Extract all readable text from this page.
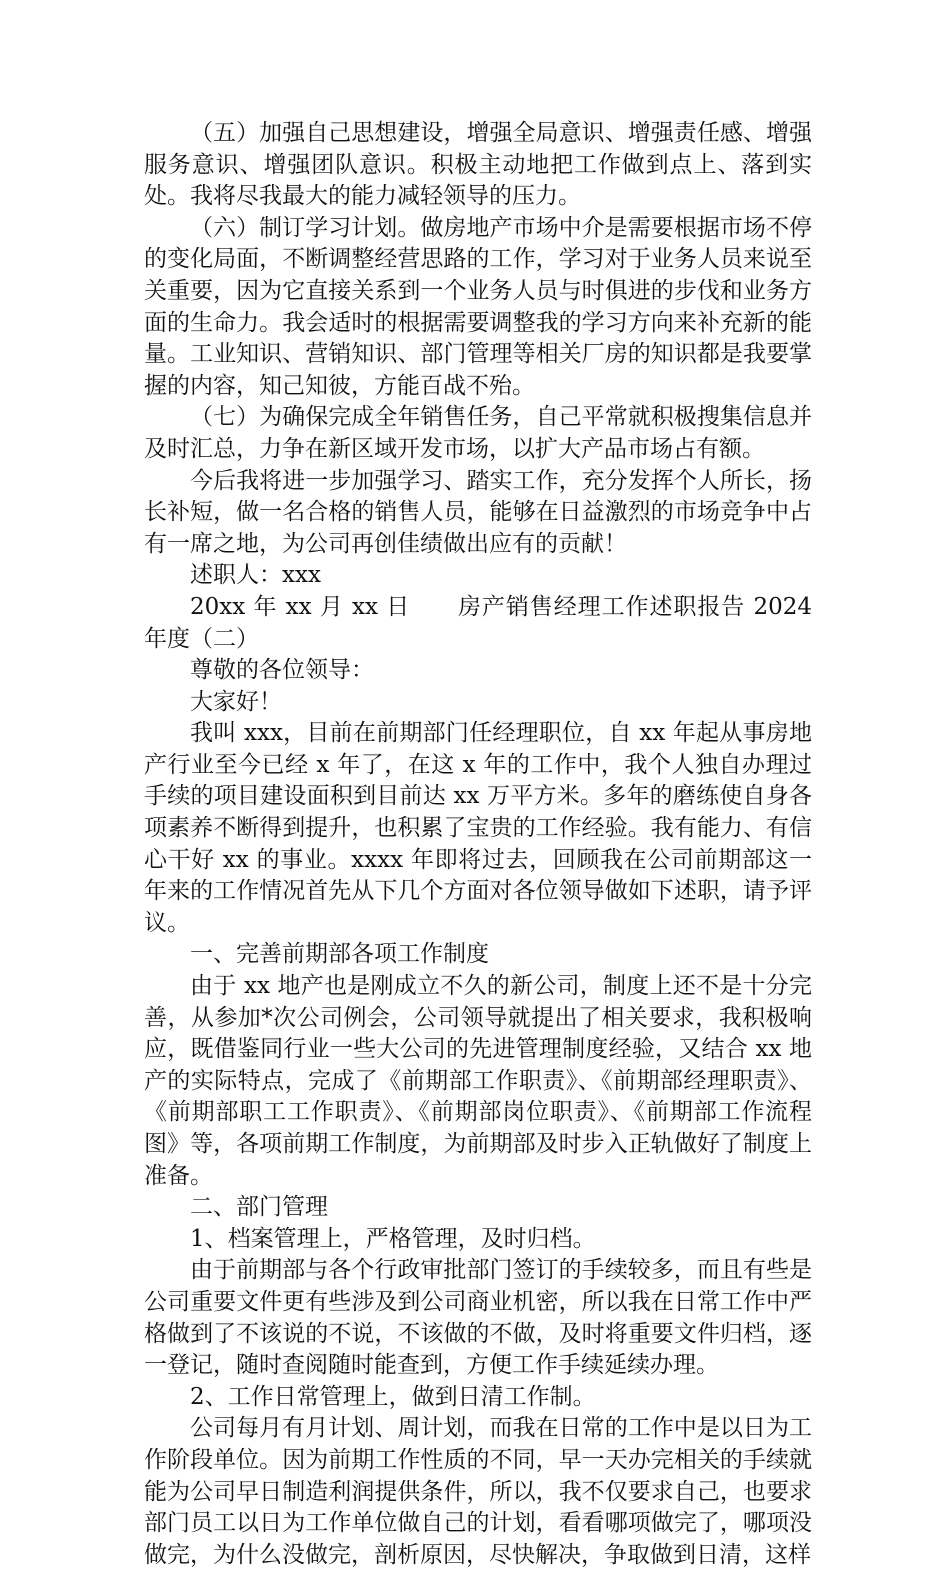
（五）加强自己思想建设，增强全局意识、增强责任感、增强服务意识、增强团队意识。积极主动地把工作做到点上、落到实处。我将尽我最大的能力减轻领导的压力。

（六）制订学习计划。做房地产市场中介是需要根据市场不停的变化局面，不断调整经营思路的工作，学习对于业务人员来说至关重要，因为它直接关系到一个业务人员与时俱进的步伐和业务方面的生命力。我会适时的根据需要调整我的学习方向来补充新的能量。工业知识、营销知识、部门管理等相关厂房的知识都是我要掌握的内容，知己知彼，方能百战不殆。

（七）为确保完成全年销售任务，自己平常就积极搜集信息并及时汇总，力争在新区域开发市场，以扩大产品市场占有额。

今后我将进一步加强学习、踏实工作，充分发挥个人所长，扬长补短，做一名合格的销售人员，能够在日益激烈的市场竞争中占有一席之地，为公司再创佳绩做出应有的贡献！

述职人：xxx

20xx 年 xx 月 xx 日　　房产销售经理工作述职报告 2024 年度（二）

尊敬的各位领导：

大家好！

我叫 xxx，目前在前期部门任经理职位，自 xx 年起从事房地产行业至今已经 x 年了，在这 x 年的工作中，我个人独自办理过手续的项目建设面积到目前达 xx 万平方米。多年的磨练使自身各项素养不断得到提升，也积累了宝贵的工作经验。我有能力、有信心干好 xx 的事业。xxxx 年即将过去，回顾我在公司前期部这一年来的工作情况首先从下几个方面对各位领导做如下述职，请予评议。

一、完善前期部各项工作制度

由于 xx 地产也是刚成立不久的新公司，制度上还不是十分完善，从参加*次公司例会，公司领导就提出了相关要求，我积极响应，既借鉴同行业一些大公司的先进管理制度经验，又结合 xx 地产的实际特点，完成了《前期部工作职责》、《前期部经理职责》、《前期部职工工作职责》、《前期部岗位职责》、《前期部工作流程图》等，各项前期工作制度，为前期部及时步入正轨做好了制度上准备。

二、部门管理

1、档案管理上，严格管理，及时归档。

由于前期部与各个行政审批部门签订的手续较多，而且有些是公司重要文件更有些涉及到公司商业机密，所以我在日常工作中严格做到了不该说的不说，不该做的不做，及时将重要文件归档，逐一登记，随时查阅随时能查到，方便工作手续延续办理。

2、工作日常管理上，做到日清工作制。

公司每月有月计划、周计划，而我在日常的工作中是以日为工作阶段单位。因为前期工作性质的不同，早一天办完相关的手续就能为公司早日制造利润提供条件，所以，我不仅要求自己，也要求部门员工以日为工作单位做自己的计划，看看哪项做完了，哪项没做完，为什么没做完，剖析原因，尽快解决，争取做到日清，这样
